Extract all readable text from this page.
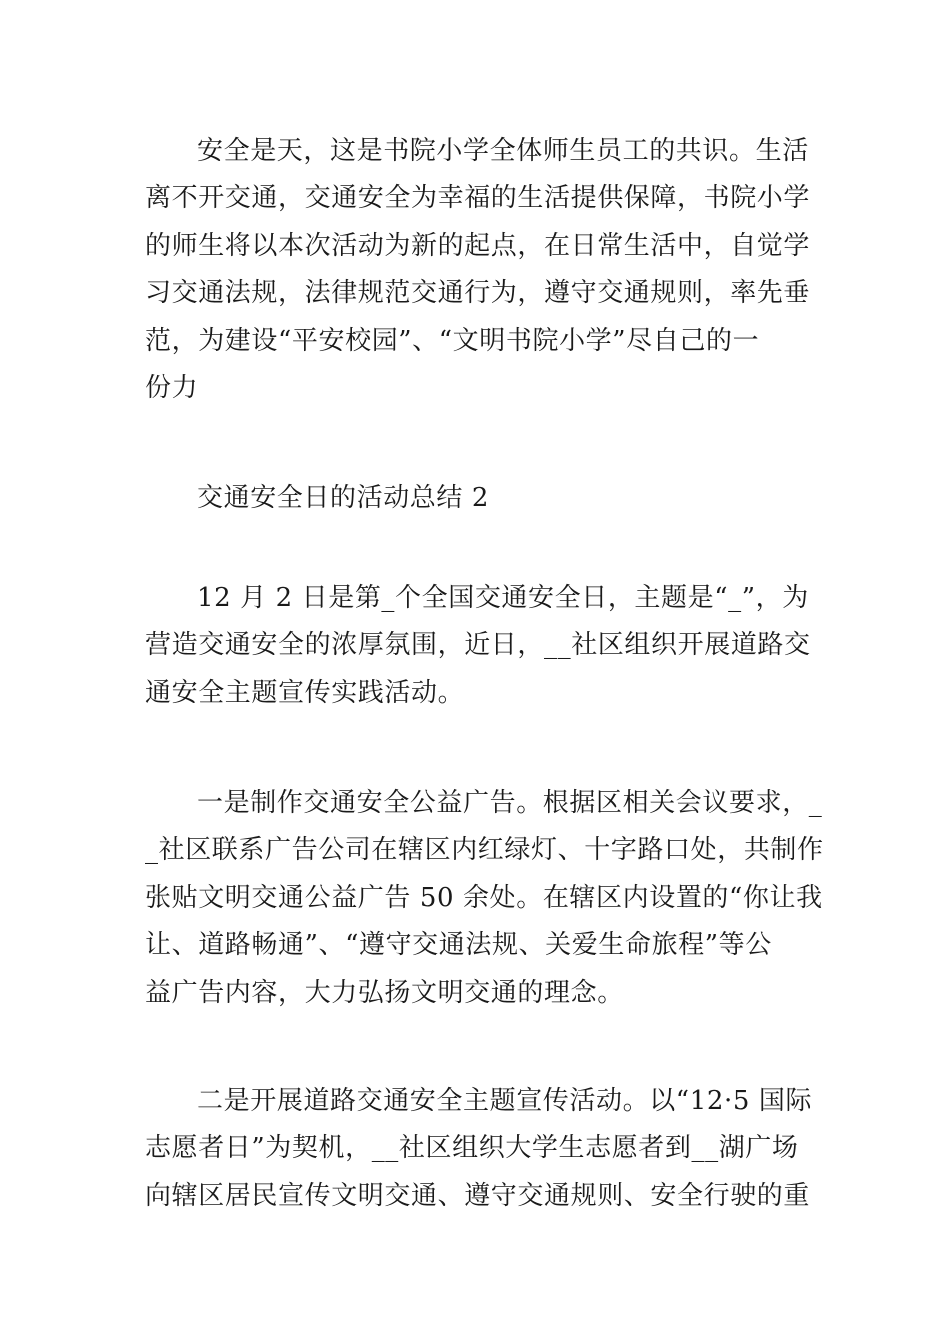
安全是天，这是书院小学全体师生员工的共识。生活
离不开交通，交通安全为幸福的生活提供保障，书院小学
的师生将以本次活动为新的起点，在日常生活中，自觉学
习交通法规，法律规范交通行为，遵守交通规则，率先垂
范，为建设“平安校园”、“文明书院小学”尽自己的一
份力
交通安全日的活动总结 2
12 月 2 日是第_个全国交通安全日，主题是“_”，为
营造交通安全的浓厚氛围，近日，__社区组织开展道路交
通安全主题宣传实践活动。
一是制作交通安全公益广告。根据区相关会议要求，_
_社区联系广告公司在辖区内红绿灯、十字路口处，共制作
张贴文明交通公益广告 50 余处。在辖区内设置的“你让我
让、道路畅通”、“遵守交通法规、关爱生命旅程”等公
益广告内容，大力弘扬文明交通的理念。
二是开展道路交通安全主题宣传活动。以“12·5 国际
志愿者日”为契机，__社区组织大学生志愿者到__湖广场
向辖区居民宣传文明交通、遵守交通规则、安全行驶的重
